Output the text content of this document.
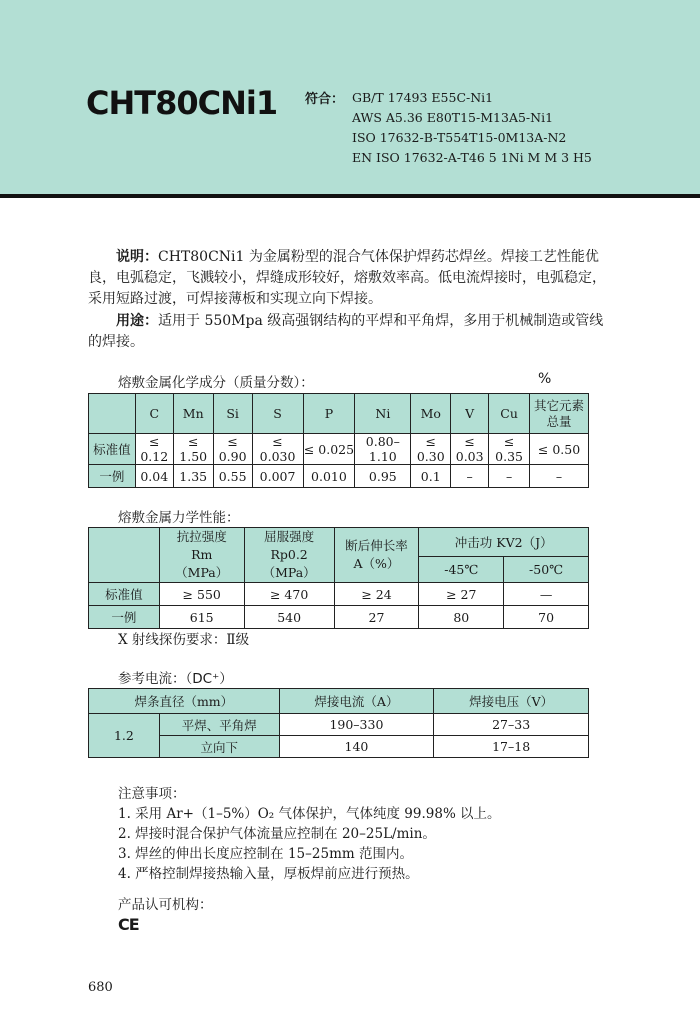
CHT80CNi1 符合： GB/T 17493 E55C-Ni1
AWS A5.36 E80T15-M13A5-Ni1
ISO 17632-B-T554T15-0M13A-N2
EN ISO 17632-A-T46 5 1Ni M M 3 H5
说明：CHT80CNi1 为金属粉型的混合气体保护焊药芯焊丝。焊接工艺性能优良，电弧稳定，飞溅较小，焊缝成形较好，熔敷效率高。低电流焊接时，电弧稳定，采用短路过渡，可焊接薄板和实现立向下焊接。
用途：适用于 550Mpa 级高强钢结构的平焊和平角焊，多用于机械制造或管线的焊接。
熔敷金属化学成分（质量分数）：	%
	C	Mn	Si	S	P	Ni	Mo	V	Cu	其它元素总量
标准值	≤ 0.12	≤ 1.50	≤ 0.90	≤ 0.030	≤ 0.025	0.80–1.10	≤ 0.30	≤ 0.03	≤ 0.35	≤ 0.50
一例	0.04	1.35	0.55	0.007	0.010	0.95	0.1	–	–	–
熔敷金属力学性能：
	抗拉强度 Rm（MPa）	屈服强度 Rp0.2（MPa）	断后伸长率 A（%）	冲击功 KV2（J）	
				-45℃	-50℃
标准值	≥ 550	≥ 470	≥ 24	≥ 27	—
一例	615	540	27	80	70
X 射线探伤要求：Ⅱ级
参考电流：（DC⁺）
焊条直径（mm）		焊接电流（A）	焊接电压（V）
1.2	平焊、平角焊	190–330	27–33
	立向下	140	17–18
注意事项：
1. 采用 Ar+（1–5%）O₂ 气体保护，气体纯度 99.98% 以上。
2. 焊接时混合保护气体流量应控制在 20–25L/min。
3. 焊丝的伸出长度应控制在 15–25mm 范围内。
4. 严格控制焊接热输入量，厚板焊前应进行预热。
产品认可机构：
CE
680
